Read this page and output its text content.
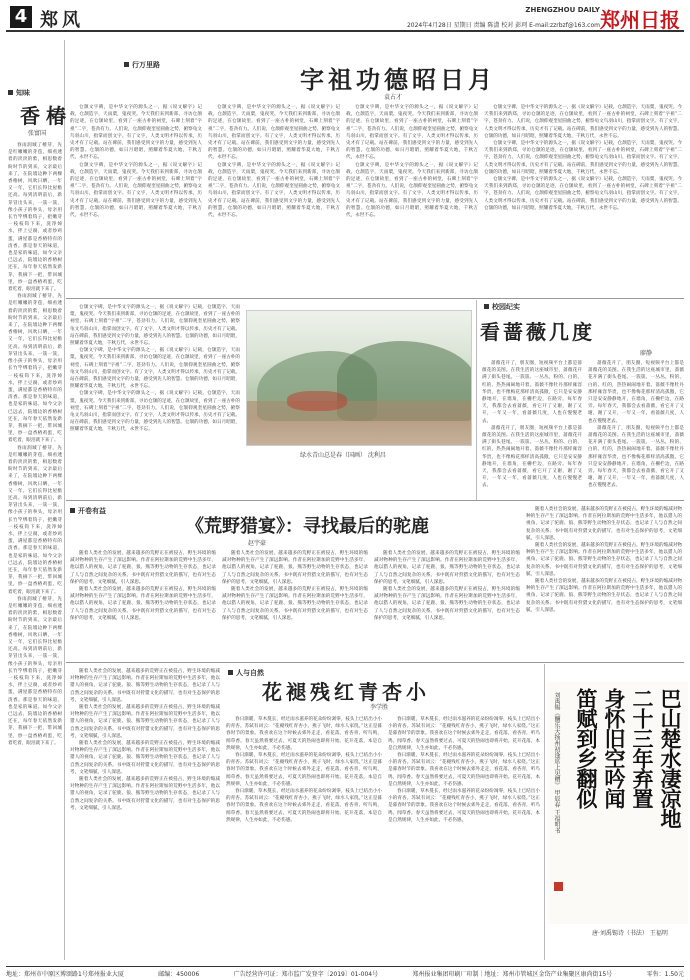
4 郑风	ZHENGZHOU DAILY
2024年4月28日 星期日 责编 陈潇 校对 彭珂 E-mail:zzrbzf@163.com 郑州日报
知味
香椿
张富国

春雨润城了椿芽，先是红嫩嫩的芽苞，细看透着的淡淡的紫，相思数着盼时节的到来。父亲最后来了，在院墙边种下两棵香椿树，风吹日晒，一年又一年，它们长得比屋檐还高。每到清明前后，新芽冒出头来，一簇一簇，像小孩子的拳头，母亲用长竹竿绑着钩子，把嫩芽一枝枝钩下来，洗净焯水，拌上豆腐，或者炒鸡蛋，满屋都是香椿特有的清香。那是春天的味道，也是家的味道。如今父亲已远去，院墙边的香椿树还在，每年春天依然发新芽，我摘下一把，带回城里，炒一盘香椿鸡蛋，吃着吃着，眼泪就下来了。

春雨润城了椿芽，先是红嫩嫩的芽苞，细看透着的淡淡的紫，相思数着盼时节的到来。父亲最后来了，在院墙边种下两棵香椿树，风吹日晒，一年又一年，它们长得比屋檐还高。每到清明前后，新芽冒出头来，一簇一簇，像小孩子的拳头，母亲用长竹竿绑着钩子，把嫩芽一枝枝钩下来，洗净焯水，拌上豆腐，或者炒鸡蛋，满屋都是香椿特有的清香。那是春天的味道，也是家的味道。如今父亲已远去，院墙边的香椿树还在，每年春天依然发新芽，我摘下一把，带回城里，炒一盘香椿鸡蛋，吃着吃着，眼泪就下来了。

春雨润城了椿芽，先是红嫩嫩的芽苞，细看透着的淡淡的紫，相思数着盼时节的到来。父亲最后来了，在院墙边种下两棵香椿树，风吹日晒，一年又一年，它们长得比屋檐还高。每到清明前后，新芽冒出头来，一簇一簇，像小孩子的拳头，母亲用长竹竿绑着钩子，把嫩芽一枝枝钩下来，洗净焯水，拌上豆腐，或者炒鸡蛋，满屋都是香椿特有的清香。那是春天的味道，也是家的味道。如今父亲已远去，院墙边的香椿树还在，每年春天依然发新芽，我摘下一把，带回城里，炒一盘香椿鸡蛋，吃着吃着，眼泪就下来了。

春雨润城了椿芽，先是红嫩嫩的芽苞，细看透着的淡淡的紫，相思数着盼时节的到来。父亲最后来了，在院墙边种下两棵香椿树，风吹日晒，一年又一年，它们长得比屋檐还高。每到清明前后，新芽冒出头来，一簇一簇，像小孩子的拳头，母亲用长竹竿绑着钩子，把嫩芽一枝枝钩下来，洗净焯水，拌上豆腐，或者炒鸡蛋，满屋都是香椿特有的清香。那是春天的味道，也是家的味道。如今父亲已远去，院墙边的香椿树还在，每年春天依然发新芽，我摘下一把，带回城里，炒一盘香椿鸡蛋，吃着吃着，眼泪就下来了。

行万里路	字祖功德昭日月
袁占才

仓颉文字碑，是中华文字的源头之一，据《说文解字》记载，仓颉造字，天雨粟，鬼夜哭。今天我们来到新郑，寻访仓颉的足迹，在仓颉故里，看到了一座古朴的祠堂，石碑上刻着“字祖”二字，苍劲有力。人们说，仓颉仰观奎星圆曲之势，俯察龟文鸟羽山川，指掌而创文字。有了文字，人类文明才得以传承，历史才有了记载。站在碑前，我们感受到文字的力量，感受到先人的智慧。仓颉的功德，如日月昭昭，照耀着华夏大地，千秋万代，永世不忘。

仓颉文字碑，是中华文字的源头之一，据《说文解字》记载，仓颉造字，天雨粟，鬼夜哭。今天我们来到新郑，寻访仓颉的足迹，在仓颉故里，看到了一座古朴的祠堂，石碑上刻着“字祖”二字，苍劲有力。人们说，仓颉仰观奎星圆曲之势，俯察龟文鸟羽山川，指掌而创文字。有了文字，人类文明才得以传承，历史才有了记载。站在碑前，我们感受到文字的力量，感受到先人的智慧。仓颉的功德，如日月昭昭，照耀着华夏大地，千秋万代，永世不忘。

仓颉文字碑，是中华文字的源头之一，据《说文解字》记载，仓颉造字，天雨粟，鬼夜哭。今天我们来到新郑，寻访仓颉的足迹，在仓颉故里，看到了一座古朴的祠堂，石碑上刻着“字祖”二字，苍劲有力。人们说，仓颉仰观奎星圆曲之势，俯察龟文鸟羽山川，指掌而创文字。有了文字，人类文明才得以传承，历史才有了记载。站在碑前，我们感受到文字的力量，感受到先人的智慧。仓颉的功德，如日月昭昭，照耀着华夏大地，千秋万代，永世不忘。

仓颉文字碑，是中华文字的源头之一，据《说文解字》记载，仓颉造字，天雨粟，鬼夜哭。今天我们来到新郑，寻访仓颉的足迹，在仓颉故里，看到了一座古朴的祠堂，石碑上刻着“字祖”二字，苍劲有力。人们说，仓颉仰观奎星圆曲之势，俯察龟文鸟羽山川，指掌而创文字。有了文字，人类文明才得以传承，历史才有了记载。站在碑前，我们感受到文字的力量，感受到先人的智慧。仓颉的功德，如日月昭昭，照耀着华夏大地，千秋万代，永世不忘。

仓颉文字碑，是中华文字的源头之一，据《说文解字》记载，仓颉造字，天雨粟，鬼夜哭。今天我们来到新郑，寻访仓颉的足迹，在仓颉故里，看到了一座古朴的祠堂，石碑上刻着“字祖”二字，苍劲有力。人们说，仓颉仰观奎星圆曲之势，俯察龟文鸟羽山川，指掌而创文字。有了文字，人类文明才得以传承，历史才有了记载。站在碑前，我们感受到文字的力量，感受到先人的智慧。仓颉的功德，如日月昭昭，照耀着华夏大地，千秋万代，永世不忘。

仓颉文字碑，是中华文字的源头之一，据《说文解字》记载，仓颉造字，天雨粟，鬼夜哭。今天我们来到新郑，寻访仓颉的足迹，在仓颉故里，看到了一座古朴的祠堂，石碑上刻着“字祖”二字，苍劲有力。人们说，仓颉仰观奎星圆曲之势，俯察龟文鸟羽山川，指掌而创文字。有了文字，人类文明才得以传承，历史才有了记载。站在碑前，我们感受到文字的力量，感受到先人的智慧。仓颉的功德，如日月昭昭，照耀着华夏大地，千秋万代，永世不忘。

仓颉文字碑，是中华文字的源头之一，据《说文解字》记载，仓颉造字，天雨粟，鬼夜哭。今天我们来到新郑，寻访仓颉的足迹，在仓颉故里，看到了一座古朴的祠堂，石碑上刻着“字祖”二字，苍劲有力。人们说，仓颉仰观奎星圆曲之势，俯察龟文鸟羽山川，指掌而创文字。有了文字，人类文明才得以传承，历史才有了记载。站在碑前，我们感受到文字的力量，感受到先人的智慧。仓颉的功德，如日月昭昭，照耀着华夏大地，千秋万代，永世不忘。

仓颉文字碑，是中华文字的源头之一，据《说文解字》记载，仓颉造字，天雨粟，鬼夜哭。今天我们来到新郑，寻访仓颉的足迹，在仓颉故里，看到了一座古朴的祠堂，石碑上刻着“字祖”二字，苍劲有力。人们说，仓颉仰观奎星圆曲之势，俯察龟文鸟羽山川，指掌而创文字。有了文字，人类文明才得以传承，历史才有了记载。站在碑前，我们感受到文字的力量，感受到先人的智慧。仓颉的功德，如日月昭昭，照耀着华夏大地，千秋万代，永世不忘。

仓颉文字碑，是中华文字的源头之一，据《说文解字》记载，仓颉造字，天雨粟，鬼夜哭。今天我们来到新郑，寻访仓颉的足迹，在仓颉故里，看到了一座古朴的祠堂，石碑上刻着“字祖”二字，苍劲有力。人们说，仓颉仰观奎星圆曲之势，俯察龟文鸟羽山川，指掌而创文字。有了文字，人类文明才得以传承，历史才有了记载。站在碑前，我们感受到文字的力量，感受到先人的智慧。仓颉的功德，如日月昭昭，照耀着华夏大地，千秋万代，永世不忘。

绿水青山总是春（国画） 沈利昌

仓颉文字碑，是中华文字的源头之一，据《说文解字》记载，仓颉造字，天雨粟，鬼夜哭。今天我们来到新郑，寻访仓颉的足迹，在仓颉故里，看到了一座古朴的祠堂，石碑上刻着“字祖”二字，苍劲有力。人们说，仓颉仰观奎星圆曲之势，俯察龟文鸟羽山川，指掌而创文字。有了文字，人类文明才得以传承，历史才有了记载。站在碑前，我们感受到文字的力量，感受到先人的智慧。仓颉的功德，如日月昭昭，照耀着华夏大地，千秋万代，永世不忘。

仓颉文字碑，是中华文字的源头之一，据《说文解字》记载，仓颉造字，天雨粟，鬼夜哭。今天我们来到新郑，寻访仓颉的足迹，在仓颉故里，看到了一座古朴的祠堂，石碑上刻着“字祖”二字，苍劲有力。人们说，仓颉仰观奎星圆曲之势，俯察龟文鸟羽山川，指掌而创文字。有了文字，人类文明才得以传承，历史才有了记载。站在碑前，我们感受到文字的力量，感受到先人的智慧。仓颉的功德，如日月昭昭，照耀着华夏大地，千秋万代，永世不忘。

仓颉文字碑，是中华文字的源头之一，据《说文解字》记载，仓颉造字，天雨粟，鬼夜哭。今天我们来到新郑，寻访仓颉的足迹，在仓颉故里，看到了一座古朴的祠堂，石碑上刻着“字祖”二字，苍劲有力。人们说，仓颉仰观奎星圆曲之势，俯察龟文鸟羽山川，指掌而创文字。有了文字，人类文明才得以传承，历史才有了记载。站在碑前，我们感受到文字的力量，感受到先人的智慧。仓颉的功德，如日月昭昭，照耀着华夏大地，千秋万代，永世不忘。

校园纪实
看蔷薇几度
廖静

蔷薇花开了，朋友圈，短视频平台上都是蔷薇花的美图。在我生活的这座城市里，蔷薇花开满了街头巷尾。一簇簇、一丛丛，粉的、白的、红的，热热闹闹地开着。蔷薇不像牡丹那样雍容华贵，也不像梅花那样清高孤傲，它只是安安静静地开，在墙角，在栅栏边，在路旁。每年春天，我都会去看蔷薇，看它开了又谢，谢了又开，一年又一年，看蔷薇几度，人也在慢慢老去。

蔷薇花开了，朋友圈，短视频平台上都是蔷薇花的美图。在我生活的这座城市里，蔷薇花开满了街头巷尾。一簇簇、一丛丛，粉的、白的、红的，热热闹闹地开着。蔷薇不像牡丹那样雍容华贵，也不像梅花那样清高孤傲，它只是安安静静地开，在墙角，在栅栏边，在路旁。每年春天，我都会去看蔷薇，看它开了又谢，谢了又开，一年又一年，看蔷薇几度，人也在慢慢老去。

蔷薇花开了，朋友圈，短视频平台上都是蔷薇花的美图。在我生活的这座城市里，蔷薇花开满了街头巷尾。一簇簇、一丛丛，粉的、白的、红的，热热闹闹地开着。蔷薇不像牡丹那样雍容华贵，也不像梅花那样清高孤傲，它只是安安静静地开，在墙角，在栅栏边，在路旁。每年春天，我都会去看蔷薇，看它开了又谢，谢了又开，一年又一年，看蔷薇几度，人也在慢慢老去。

蔷薇花开了，朋友圈，短视频平台上都是蔷薇花的美图。在我生活的这座城市里，蔷薇花开满了街头巷尾。一簇簇、一丛丛，粉的、白的、红的，热热闹闹地开着。蔷薇不像牡丹那样雍容华贵，也不像梅花那样清高孤傲，它只是安安静静地开，在墙角，在栅栏边，在路旁。每年春天，我都会去看蔷薇，看它开了又谢，谢了又开，一年又一年，看蔷薇几度，人也在慢慢老去。

开卷有益
《荒野猎宴》：寻找最后的驼鹿
赵宇豪

随着人类社会的发展，越来越多的荒野正在被侵占，野生环境的缩减对物种的生存产生了深远影响。作者在阿拉斯加的荒野中生活多年，他以猎人的视角，记录了驼鹿、狼、熊等野生动物的生存状态，也记录了人与自然之间复杂的关系。书中既有对狩猎文化的描写，也有对生态保护的思考，文笔细腻，引人深思。

随着人类社会的发展，越来越多的荒野正在被侵占，野生环境的缩减对物种的生存产生了深远影响。作者在阿拉斯加的荒野中生活多年，他以猎人的视角，记录了驼鹿、狼、熊等野生动物的生存状态，也记录了人与自然之间复杂的关系。书中既有对狩猎文化的描写，也有对生态保护的思考，文笔细腻，引人深思。

随着人类社会的发展，越来越多的荒野正在被侵占，野生环境的缩减对物种的生存产生了深远影响。作者在阿拉斯加的荒野中生活多年，他以猎人的视角，记录了驼鹿、狼、熊等野生动物的生存状态，也记录了人与自然之间复杂的关系。书中既有对狩猎文化的描写，也有对生态保护的思考，文笔细腻，引人深思。

随着人类社会的发展，越来越多的荒野正在被侵占，野生环境的缩减对物种的生存产生了深远影响。作者在阿拉斯加的荒野中生活多年，他以猎人的视角，记录了驼鹿、狼、熊等野生动物的生存状态，也记录了人与自然之间复杂的关系。书中既有对狩猎文化的描写，也有对生态保护的思考，文笔细腻，引人深思。

随着人类社会的发展，越来越多的荒野正在被侵占，野生环境的缩减对物种的生存产生了深远影响。作者在阿拉斯加的荒野中生活多年，他以猎人的视角，记录了驼鹿、狼、熊等野生动物的生存状态，也记录了人与自然之间复杂的关系。书中既有对狩猎文化的描写，也有对生态保护的思考，文笔细腻，引人深思。

随着人类社会的发展，越来越多的荒野正在被侵占，野生环境的缩减对物种的生存产生了深远影响。作者在阿拉斯加的荒野中生活多年，他以猎人的视角，记录了驼鹿、狼、熊等野生动物的生存状态，也记录了人与自然之间复杂的关系。书中既有对狩猎文化的描写，也有对生态保护的思考，文笔细腻，引人深思。

随着人类社会的发展，越来越多的荒野正在被侵占，野生环境的缩减对物种的生存产生了深远影响。作者在阿拉斯加的荒野中生活多年，他以猎人的视角，记录了驼鹿、狼、熊等野生动物的生存状态，也记录了人与自然之间复杂的关系。书中既有对狩猎文化的描写，也有对生态保护的思考，文笔细腻，引人深思。

随着人类社会的发展，越来越多的荒野正在被侵占，野生环境的缩减对物种的生存产生了深远影响。作者在阿拉斯加的荒野中生活多年，他以猎人的视角，记录了驼鹿、狼、熊等野生动物的生存状态，也记录了人与自然之间复杂的关系。书中既有对狩猎文化的描写，也有对生态保护的思考，文笔细腻，引人深思。

随着人类社会的发展，越来越多的荒野正在被侵占，野生环境的缩减对物种的生存产生了深远影响。作者在阿拉斯加的荒野中生活多年，他以猎人的视角，记录了驼鹿、狼、熊等野生动物的生存状态，也记录了人与自然之间复杂的关系。书中既有对狩猎文化的描写，也有对生态保护的思考，文笔细腻，引人深思。

人与自然
花褪残红青杏小
李学胜

随着人类社会的发展，越来越多的荒野正在被侵占，野生环境的缩减对物种的生存产生了深远影响。作者在阿拉斯加的荒野中生活多年，他以猎人的视角，记录了驼鹿、狼、熊等野生动物的生存状态，也记录了人与自然之间复杂的关系。书中既有对狩猎文化的描写，也有对生态保护的思考，文笔细腻，引人深思。

随着人类社会的发展，越来越多的荒野正在被侵占，野生环境的缩减对物种的生存产生了深远影响。作者在阿拉斯加的荒野中生活多年，他以猎人的视角，记录了驼鹿、狼、熊等野生动物的生存状态，也记录了人与自然之间复杂的关系。书中既有对狩猎文化的描写，也有对生态保护的思考，文笔细腻，引人深思。

随着人类社会的发展，越来越多的荒野正在被侵占，野生环境的缩减对物种的生存产生了深远影响。作者在阿拉斯加的荒野中生活多年，他以猎人的视角，记录了驼鹿、狼、熊等野生动物的生存状态，也记录了人与自然之间复杂的关系。书中既有对狩猎文化的描写，也有对生态保护的思考，文笔细腻，引人深思。

随着人类社会的发展，越来越多的荒野正在被侵占，野生环境的缩减对物种的生存产生了深远影响。作者在阿拉斯加的荒野中生活多年，他以猎人的视角，记录了驼鹿、狼、熊等野生动物的生存状态，也记录了人与自然之间复杂的关系。书中既有对狩猎文化的描写，也有对生态保护的思考，文笔细腻，引人深思。

春日渐暖，草木蔓长，经过雨水滋养的花朵纷纷凋零，枝头上已结出小小的青杏。苏轼有词云：“花褪残红青杏小，燕子飞时，绿水人家绕。”这正是暮春时节的景象。我喜欢在这个时候去郊外走走，看花落，看杏青，听鸟鸣，闻草香。春天虽然将要过去，可夏天的热闹也即将开始。花开花落，本是自然规律，人生亦如此，不必伤感。

春日渐暖，草木蔓长，经过雨水滋养的花朵纷纷凋零，枝头上已结出小小的青杏。苏轼有词云：“花褪残红青杏小，燕子飞时，绿水人家绕。”这正是暮春时节的景象。我喜欢在这个时候去郊外走走，看花落，看杏青，听鸟鸣，闻草香。春天虽然将要过去，可夏天的热闹也即将开始。花开花落，本是自然规律，人生亦如此，不必伤感。

春日渐暖，草木蔓长，经过雨水滋养的花朵纷纷凋零，枝头上已结出小小的青杏。苏轼有词云：“花褪残红青杏小，燕子飞时，绿水人家绕。”这正是暮春时节的景象。我喜欢在这个时候去郊外走走，看花落，看杏青，听鸟鸣，闻草香。春天虽然将要过去，可夏天的热闹也即将开始。花开花落，本是自然规律，人生亦如此，不必伤感。

春日渐暖，草木蔓长，经过雨水滋养的花朵纷纷凋零，枝头上已结出小小的青杏。苏轼有词云：“花褪残红青杏小，燕子飞时，绿水人家绕。”这正是暮春时节的景象。我喜欢在这个时候去郊外走走，看花落，看杏青，听鸟鸣，闻草香。春天虽然将要过去，可夏天的热闹也即将开始。花开花落，本是自然规律，人生亦如此，不必伤感。

春日渐暖，草木蔓长，经过雨水滋养的花朵纷纷凋零，枝头上已结出小小的青杏。苏轼有词云：“花褪残红青杏小，燕子飞时，绿水人家绕。”这正是暮春时节的景象。我喜欢在这个时候去郊外走走，看花落，看杏青，听鸟鸣，闻草香。春天虽然将要过去，可夏天的热闹也即将开始。花开花落，本是自然规律，人生亦如此，不必伤感。

春日渐暖，草木蔓长，经过雨水滋养的花朵纷纷凋零，枝头上已结出小小的青杏。苏轼有词云：“花褪残红青杏小，燕子飞时，绿水人家绕。”这正是暮春时节的景象。我喜欢在这个时候去郊外走走，看花落，看杏青，听鸟鸣，闻草香。春天虽然将要过去，可夏天的热闹也即将开始。花开花落，本是自然规律，人生亦如此，不必伤感。	巴山楚水凄凉地
二十三年弃置
身怀旧空吟闻
笛赋到乡翻似
刘禹锡《酬乐天扬州初逢席上见赠》 甲辰春 王福明书
唐·刘禹锡诗（书法） 王福明
地址：郑州市中原区博颂路1号郑州报业大厦	邮编：450006	广告经营许可证：郑市监广发登字〔2019〕01-004号	郑州报业集团印刷厂印制｜地址：郑州市管城区金岱产业集聚区康尚街15号	零售：1.50元
